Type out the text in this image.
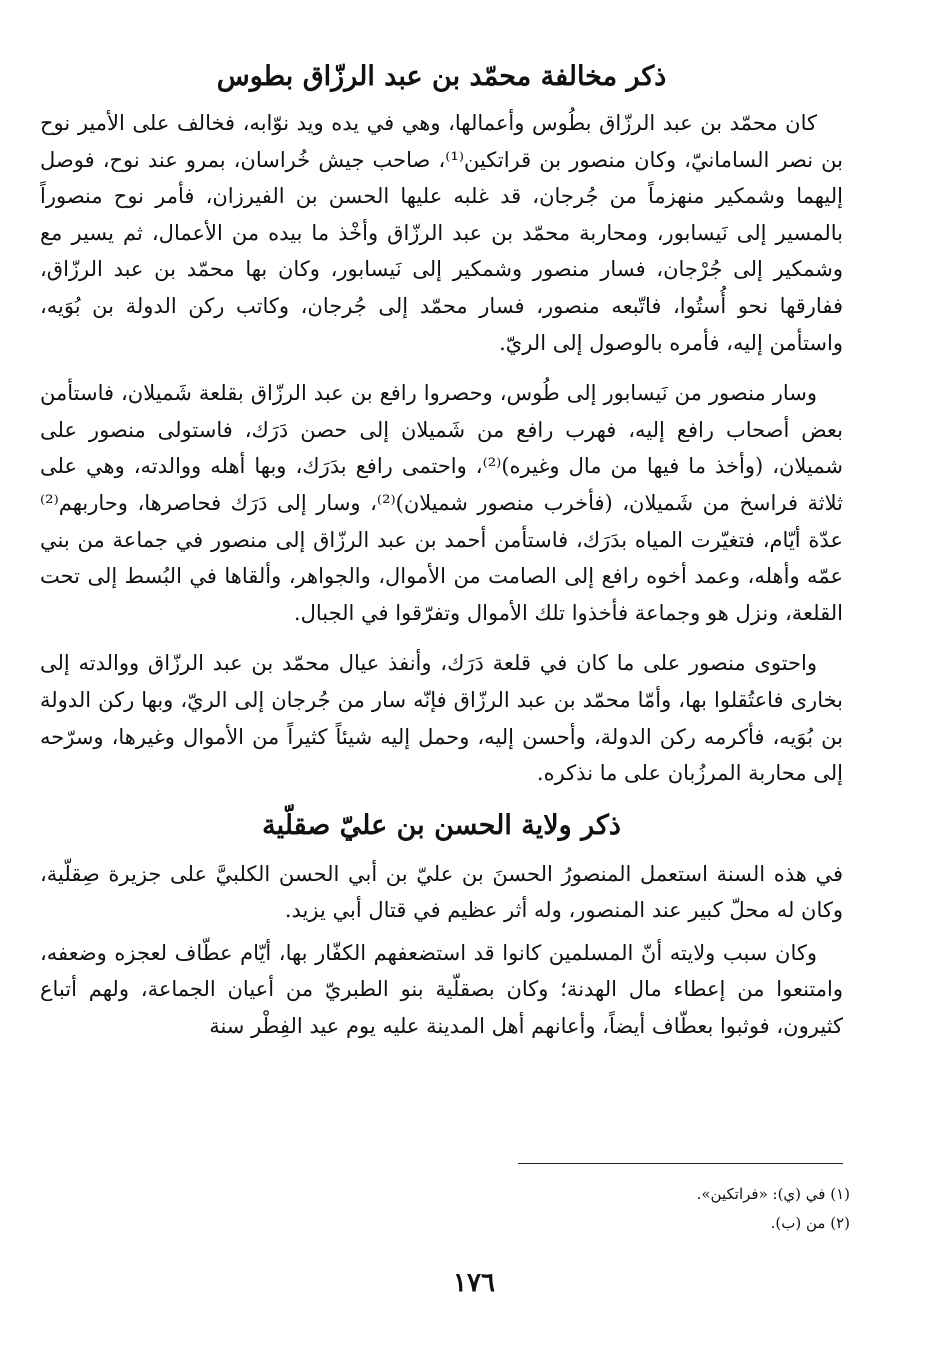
ذكر مخالفة محمّد بن عبد الرزّاق بطوس

كان محمّد بن عبد الرزّاق بطُوس وأعمالها، وهي في يده ويد نوّابه، فخالف على الأمير نوح بن نصر السامانيّ، وكان منصور بن قراتكين⁽¹⁾، صاحب جيش خُراسان، بمرو عند نوح، فوصل إليهما وشمكير منهزماً من جُرجان، قد غلبه عليها الحسن بن الفيرزان، فأمر نوح منصوراً بالمسير إلى نَيسابور، ومحاربة محمّد بن عبد الرزّاق وأخْذ ما بيده من الأعمال، ثم يسير مع وشمكير إلى جُرْجان، فسار منصور وشمكير إلى نَيسابور، وكان بها محمّد بن عبد الرزّاق، ففارقها نحو أُستُوا، فاتّبعه منصور، فسار محمّد إلى جُرجان، وكاتب ركن الدولة بن بُوَيه، واستأمن إليه، فأمره بالوصول إلى الريّ.

وسار منصور من نَيسابور إلى طُوس، وحصروا رافع بن عبد الرزّاق بقلعة شَميلان، فاستأمن بعض أصحاب رافع إليه، فهرب رافع من شَميلان إلى حصن دَرَك، فاستولى منصور على شميلان، (وأخذ ما فيها من مال وغيره)⁽²⁾، واحتمى رافع بدَرَك، وبها أهله ووالدته، وهي على ثلاثة فراسخ من شَميلان، (فأخرب منصور شميلان)⁽²⁾، وسار إلى دَرَك فحاصرها، وحاربهم⁽²⁾ عدّة أيّام، فتغيّرت المياه بدَرَك، فاستأمن أحمد بن عبد الرزّاق إلى منصور في جماعة من بني عمّه وأهله، وعمد أخوه رافع إلى الصامت من الأموال، والجواهر، وألقاها في البُسط إلى تحت القلعة، ونزل هو وجماعة فأخذوا تلك الأموال وتفرّقوا في الجبال.

واحتوى منصور على ما كان في قلعة دَرَك، وأنفذ عيال محمّد بن عبد الرزّاق ووالدته إلى بخارى فاعتُقلوا بها، وأمّا محمّد بن عبد الرزّاق فإنّه سار من جُرجان إلى الريّ، وبها ركن الدولة بن بُوَيه، فأكرمه ركن الدولة، وأحسن إليه، وحمل إليه شيئاً كثيراً من الأموال وغيرها، وسرّحه إلى محاربة المرزُبان على ما نذكره.

ذكر ولاية الحسن بن عليّ صقلّية

في هذه السنة استعمل المنصورُ الحسنَ بن عليّ بن أبي الحسن الكلبيَّ على جزيرة صِقلّية، وكان له محلّ كبير عند المنصور، وله أثر عظيم في قتال أبي يزيد.

وكان سبب ولايته أنّ المسلمين كانوا قد استضعفهم الكفّار بها، أيّام عطّاف لعجزه وضعفه، وامتنعوا من إعطاء مال الهدنة؛ وكان بصقلّية بنو الطبريّ من أعيان الجماعة، ولهم أتباع كثيرون، فوثبوا بعطّاف أيضاً، وأعانهم أهل المدينة عليه يوم عيد الفِطْر سنة

(١) في (ي): «فراتكين».
(٢) من (ب).
١٧٦
